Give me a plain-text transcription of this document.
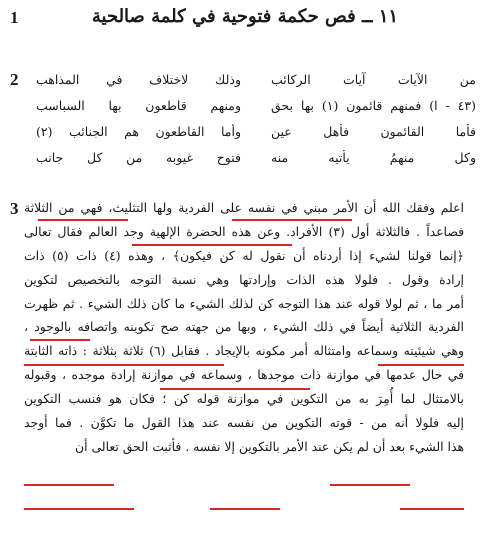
1	١١ ــ فص حكمة فتوحية في كلمة صالحية
2	من الآيات آيات الركائب
وذلك لاختلاف في المذاهب
(٤٣ - ا) فمنهم قائمون (١) بها بحق
ومنهم قاطعون بها السباسب
فأما القائمون فأهل عين
وأما القاطعون هم الجنائب (٢)
وكل منهمُ يأتيه منه
فتوح غيوبه من كل جانب
3 اعلم وفقك الله أن الأمر مبني في نفسه على الفردية ولها التثليث، فهي من الثلاثة
فصاعداً . فالثلاثة أول (٣) الأفراد. وعن هذه الحضرة الإلهية وجد العالم فقال تعالى
﴿إنما قولنا لشيء إذا أردناه أن نقول له كن فيكون﴾ ، وهذه (٤) ذات (٥) ذات
إرادة وقول . فلولا هذه الذات وإرادتها وهي نسبة التوجه بالتخصيص لتكوين
أمر ما ، ثم لولا قوله عند هذا التوجه كن لذلك الشيء ما كان ذلك الشيء . ثم ظهرت
الفردية الثلاثية أيضاً في ذلك الشيء ، وبها من جهته صح تكوينه واتصافه بالوجود ،
وهي شيئيته وسماعه وامتثاله أمر مكونه بالإيجاد . فقابل (٦) ثلاثة بثلاثة : ذاته الثابتة
في حال عدمها في موازنة ذات موجدها ، وسماعه في موازنة إرادة موجده ، وقبوله
بالامتثال لما أُمِرَ به من التكوين في موازنة قوله كن ؛ فكان هو فنسب التكوين
إليه فلولا أنه من - قوته التكوين من نفسه عند هذا القول ما تكوَّن . فما أوجد
هذا الشيء بعد أن لم يكن عند الأمر بالتكوين إلا نفسه . فأثبت الحق تعالى أن
